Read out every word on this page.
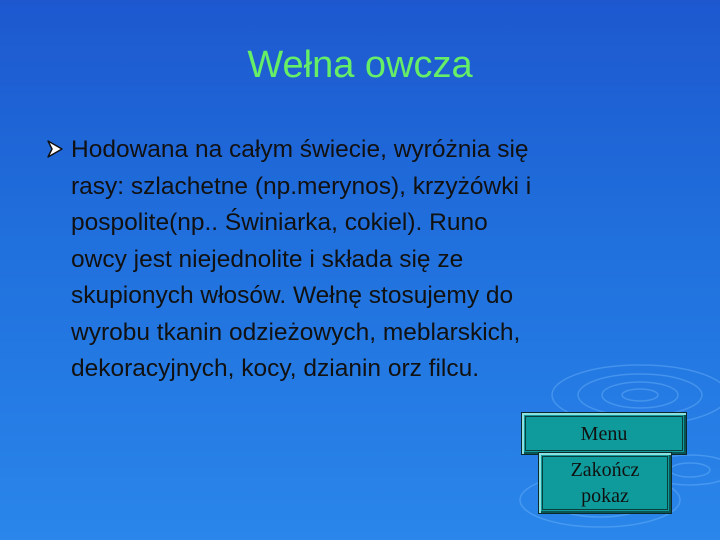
Wełna owcza
Hodowana na całym świecie, wyróżnia się
rasy: szlachetne (np.merynos), krzyżówki i
pospolite(np.. Świniarka, cokiel). Runo
owcy jest niejednolite i składa się ze
skupionych włosów. Wełnę stosujemy do
wyrobu tkanin odzieżowych, meblarskich,
dekoracyjnych, kocy, dzianin orz filcu.
Menu
Zakończ
pokaz
